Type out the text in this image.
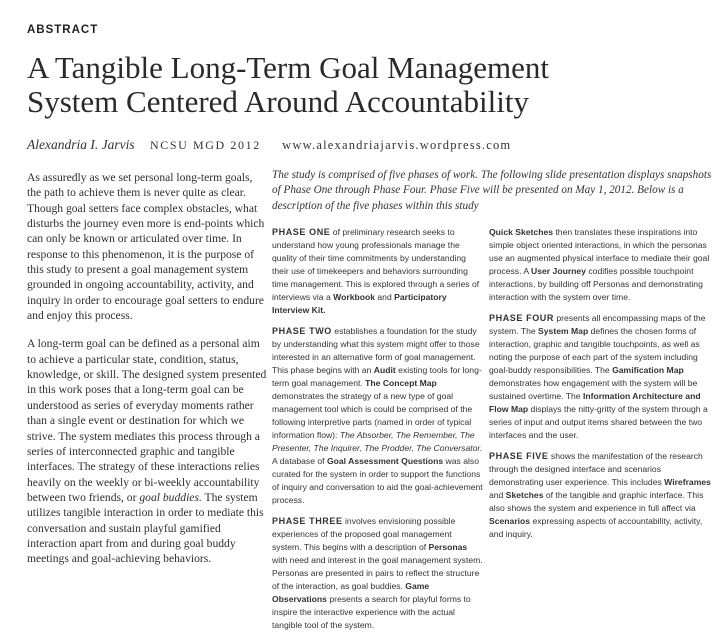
ABSTRACT
A Tangible Long-Term Goal Management
System Centered Around Accountability
Alexandria I. Jarvis NCSU MGD 2012 www.alexandriajarvis.wordpress.com

As assuredly as we set personal long-term goals, the path to achieve them is never quite as clear. Though goal setters face complex obstacles, what disturbs the journey even more is end-points which can only be known or articulated over time. In response to this phenomenon, it is the purpose of this study to present a goal management system grounded in ongoing accountability, activity, and inquiry in order to encourage goal setters to endure and enjoy this process.

A long-term goal can be defined as a personal aim to achieve a particular state, condition, status, knowledge, or skill. The designed system presented in this work poses that a long-term goal can be understood as series of everyday moments rather than a single event or destination for which we strive. The system mediates this process through a series of interconnected graphic and tangible interfaces. The strategy of these interactions relies heavily on the weekly or bi-weekly accountability between two friends, or goal buddies. The system utilizes tangible interaction in order to mediate this conversation and sustain playful gamified interaction apart from and during goal buddy meetings and goal-achieving behaviors.

The study is comprised of five phases of work. The following slide presentation displays snapshots of Phase One through Phase Four. Phase Five will be presented on May 1, 2012. Below is a description of the five phases within this study

PHASE ONE of preliminary research seeks to understand how young professionals manage the quality of their time commitments by understanding their use of timekeepers and behaviors surrounding time management. This is explored through a series of interviews via a Workbook and Participatory Interview Kit.

PHASE TWO establishes a foundation for the study by understanding what this system might offer to those interested in an alternative form of goal management. This phase begins with an Audit existing tools for long-term goal management. The Concept Map demonstrates the strategy of a new type of goal management tool which is could be comprised of the following interpretive parts (named in order of typical information flow): The Absorber, The Remember, The Presenter, The Inquirer, The Prodder, The Conversator. A database of Goal Assessment Questions was also curated for the system in order to support the functions of inquiry and conversation to aid the goal-achievement process.

PHASE THREE involves envisioning possible experiences of the proposed goal management system. This begins with a description of Personas with need and interest in the goal management system. Personas are presented in pairs to reflect the structure of the interaction, as goal buddies. Game Observations presents a search for playful forms to inspire the interactive experience with the actual tangible tool of the system.

Quick Sketches then translates these inspirations into simple object oriented interactions, in which the personas use an augmented physical interface to mediate their goal process. A User Journey codifies possible touchpoint interactions, by building off Personas and demonstrating interaction with the system over time.

PHASE FOUR presents all encompassing maps of the system. The System Map defines the chosen forms of interaction, graphic and tangible touchpoints, as well as noting the purpose of each part of the system including goal-buddy responsibilities. The Gamification Map demonstrates how engagement with the system will be sustained overtime. The Information Architecture and Flow Map displays the nitty-gritty of the system through a series of input and output items shared between the two interfaces and the user.

PHASE FIVE shows the manifestation of the research through the designed interface and scenarios demonstrating user experience. This includes Wireframes and Sketches of the tangible and graphic interface. This also shows the system and experience in full affect via Scenarios expressing aspects of accountability, activity, and inquiry.
